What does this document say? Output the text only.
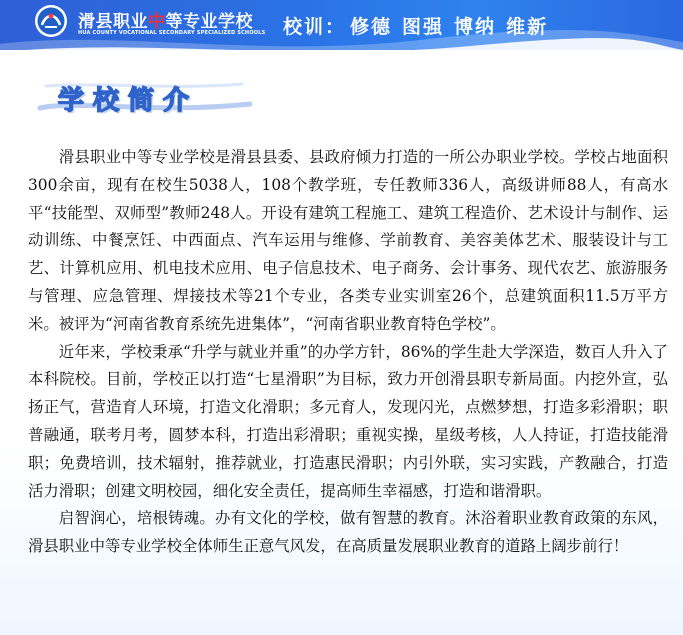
滑县职业中等专业学校
HUA COUNTY VOCATIONAL SECONDARY SPECIALIZED SCHOOLS 校训： 修德 图强 博纳 维新
学校简介

滑县职业中等专业学校是滑县县委、县政府倾力打造的一所公办职业学校。学校占地面积300余亩，现有在校生5038人，108个教学班，专任教师336人，高级讲师88人，有高水平“技能型、双师型”教师248人。开设有建筑工程施工、建筑工程造价、艺术设计与制作、运动训练、中餐烹饪、中西面点、汽车运用与维修、学前教育、美容美体艺术、服装设计与工艺、计算机应用、机电技术应用、电子信息技术、电子商务、会计事务、现代农艺、旅游服务与管理、应急管理、焊接技术等21个专业，各类专业实训室26个，总建筑面积11.5万平方米。被评为“河南省教育系统先进集体”，“河南省职业教育特色学校”。

近年来，学校秉承“升学与就业并重”的办学方针，86%的学生赴大学深造，数百人升入了本科院校。目前，学校正以打造“七星滑职”为目标，致力开创滑县职专新局面。内挖外宣，弘扬正气，营造育人环境，打造文化滑职；多元育人，发现闪光，点燃梦想，打造多彩滑职；职普融通，联考月考，圆梦本科，打造出彩滑职；重视实操，星级考核，人人持证，打造技能滑职；免费培训，技术辐射，推荐就业，打造惠民滑职；内引外联，实习实践，产教融合，打造活力滑职；创建文明校园，细化安全责任，提高师生幸福感，打造和谐滑职。

启智润心，培根铸魂。办有文化的学校，做有智慧的教育。沐浴着职业教育政策的东风，滑县职业中等专业学校全体师生正意气风发，在高质量发展职业教育的道路上阔步前行！
